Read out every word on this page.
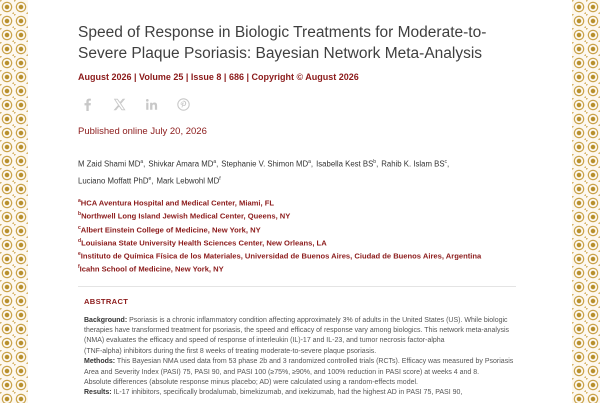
Speed of Response in Biologic Treatments for Moderate-to-Severe Plaque Psoriasis: Bayesian Network Meta-Analysis
August 2026 | Volume 25 | Issue 8 | 686 | Copyright © August 2026
Published online July 20, 2026
M Zaid Shami $MD^a$, Shivkar Amara $MD^a$, Stephanie V. Shimon $MD^a$, Isabella Kest $BS^b$, Rahib K. Islam $BS^c$,
Luciano Moffatt PhD$^e$, Mark Lebwohl $MD^f$
$^a$HCA Aventura Hospital and Medical Center, Miami, FL
$^b$Northwell Long Island Jewish Medical Center, Queens, NY
$^c$Albert Einstein College of Medicine, New York, NY
$^d$Louisiana State University Health Sciences Center, New Orleans, LA
$^e$Instituto de Química Física de los Materiales, Universidad de Buenos Aires, Ciudad de Buenos Aires, Argentina
$^f$Icahn School of Medicine, New York, NY
ABSTRACT

Background: Psoriasis is a chronic inflammatory condition affecting approximately 3% of adults in the United States (US). While biologic therapies have transformed treatment for psoriasis, the speed and efficacy of response vary among biologics. This network meta-analysis (NMA) evaluates the efficacy and speed of response of interleukin (IL)-17 and IL-23, and tumor necrosis factor-alpha

(TNF-alpha) inhibitors during the first 8 weeks of treating moderate-to-severe plaque psoriasis.

Methods: This Bayesian NMA used data from 53 phase 2b and 3 randomized controlled trials (RCTs). Efficacy was measured by Psoriasis Area and Severity Index (PASI) 75, PASI 90, and PASI 100 (≥75%, ≥90%, and 100% reduction in PASI score) at weeks 4 and 8.

Absolute differences (absolute response minus placebo; AD) were calculated using a random-effects model.

Results: IL-17 inhibitors, specifically brodalumab, bimekizumab, and ixekizumab, had the highest AD in PASI 75, PASI 90,
